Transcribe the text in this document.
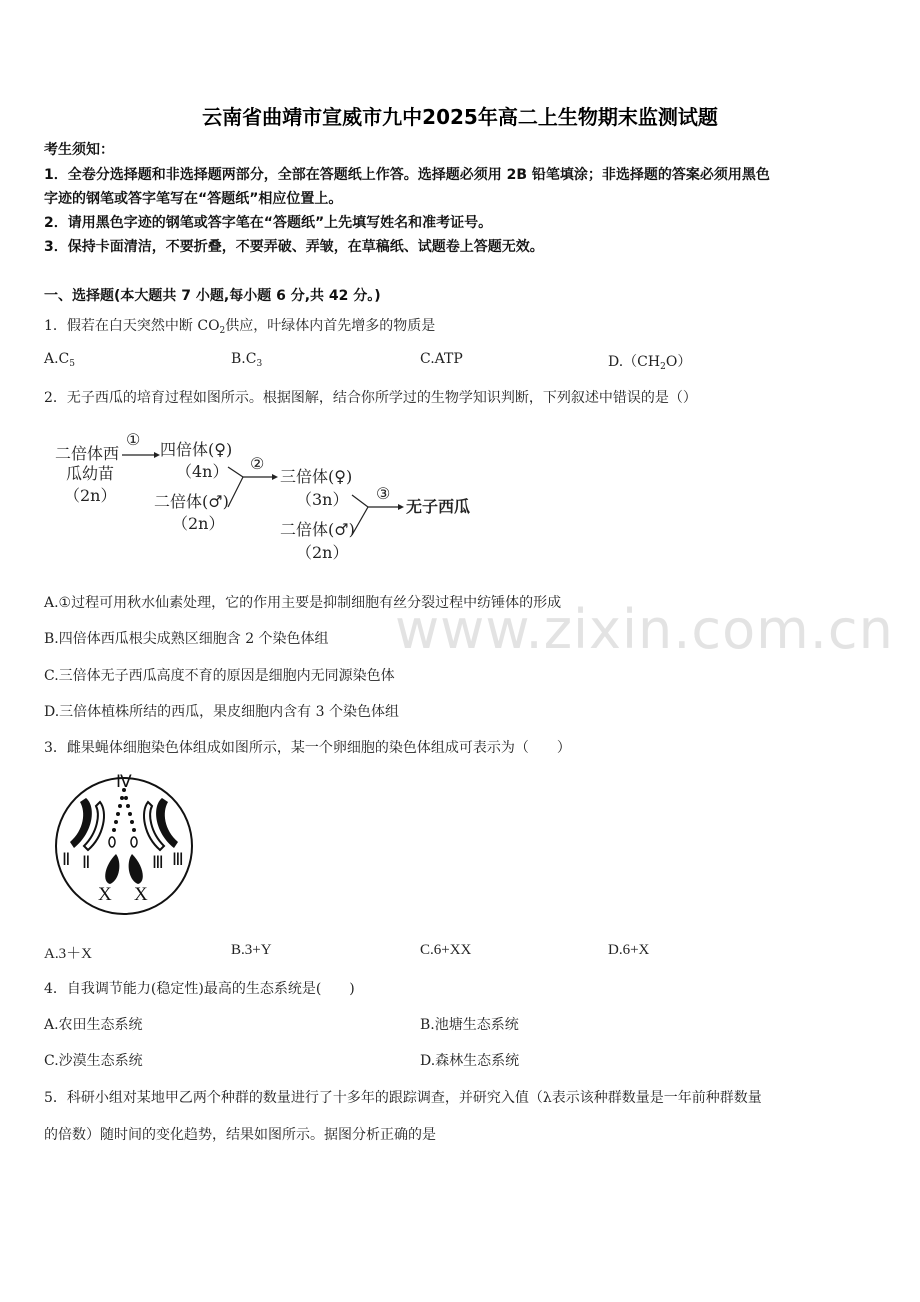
www.zixin.com.cn
云南省曲靖市宣威市九中2025年高二上生物期末监测试题
考生须知：
1．全卷分选择题和非选择题两部分，全部在答题纸上作答。选择题必须用 2B 铅笔填涂；非选择题的答案必须用黑色
字迹的钢笔或答字笔写在“答题纸”相应位置上。
2．请用黑色字迹的钢笔或答字笔在“答题纸”上先填写姓名和准考证号。
3．保持卡面清洁，不要折叠，不要弄破、弄皱，在草稿纸、试题卷上答题无效。
一、选择题(本大题共 7 小题,每小题 6 分,共 42 分。)
1．假若在白天突然中断 $CO_2$供应，叶绿体内首先增多的物质是
$A.C_5$	$B.C_3$	C.ATP	$D.(CH_2O)$
2．无子西瓜的培育过程如图所示。根据图解，结合你所学过的生物学知识判断，下列叙述中错误的是（）
二倍体西
瓜幼苗
（2n）
①
四倍体(♀)
（4n）
二倍体(♂)
（2n）
②
三倍体(♀)
（3n）
二倍体(♂)
（2n）
③
无子西瓜
A.①过程可用秋水仙素处理，它的作用主要是抑制细胞有丝分裂过程中纺锤体的形成
B.四倍体西瓜根尖成熟区细胞含 2 个染色体组
C.三倍体无子西瓜高度不育的原因是细胞内无同源染色体
D.三倍体植株所结的西瓜，果皮细胞内含有 3 个染色体组
3．雌果蝇体细胞染色体组成如图所示，某一个卵细胞的染色体组成可表示为（　　）
Ⅳ
Ⅱ Ⅱ	Ⅲ Ⅲ
X X
A.3＋X	B.3+Y	C.6+XX	D.6+X
4．自我调节能力(稳定性)最高的生态系统是(　　)
A.农田生态系统	B.池塘生态系统
C.沙漠生态系统	D.森林生态系统
5．科研小组对某地甲乙两个种群的数量进行了十多年的跟踪调查，并研究入值（λ表示该种群数量是一年前种群数量
的倍数）随时间的变化趋势，结果如图所示。据图分析正确的是
